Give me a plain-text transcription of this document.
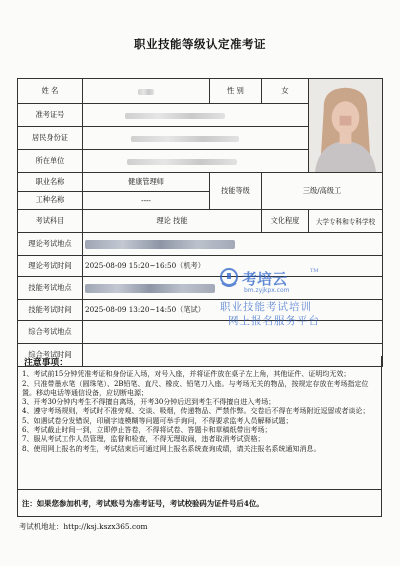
职业技能等级认定准考证
姓 名		性 别	女	

准考证号				
居民身份证				
所在单位				
职业名称	健康管理师	技能等级	三级/高级工	
工种名称	----			
考试科目	理论 技能		文化程度	大学专科和专科学校
理论考试地点				
理论考试时间	2025-08-09 15:20~16:50（机考）			
技能考试地点				
技能考试时间	2025-08-09 13:20~14:50（笔试）			
综合考试地点				
综合考试时间				
考培云	TM
bm.zyjkpx.com
职业技能考试培训
网上报名服务平台
注意事项：
1、考试前15分钟凭准考证和身份证入场，对号入座，并将证件放在桌子左上角，其他证件、证明均无效；
2、只准带墨水笔（圆珠笔）、2B铅笔、直尺、橡皮、铅笔刀入座。与考场无关的物品，按规定存放在考场指定位置。移动电话等通信设备，应切断电源；
3、开考30分钟内考生不得擅自离场，开考30分钟后迟到考生不得擅自进入考场；
4、遵守考场规则，考试时不准旁观、交谈、吸烟，传递物品、严禁作弊。交卷后不得在考场附近逗留或者谈论；
5、如遇试卷分发错误，印刷字迹模糊等问题可举手询问，不得要求监考人员解释试题；
6、考试截止时间一到，立即停止答卷，不得将试卷、答题卡和草稿纸带出考场；
7、服从考试工作人员管理，监督和检查，不得无理取闹，违者取消考试资格；
8、使用网上报名的考生，考试结束后可通过网上报名系统查询成绩，请关注报名系统通知消息。
注：如果您参加机考，考试账号为准考证号，考试校验码为证件号后4位。
考试机地址：http://ksj.kszx365.com
